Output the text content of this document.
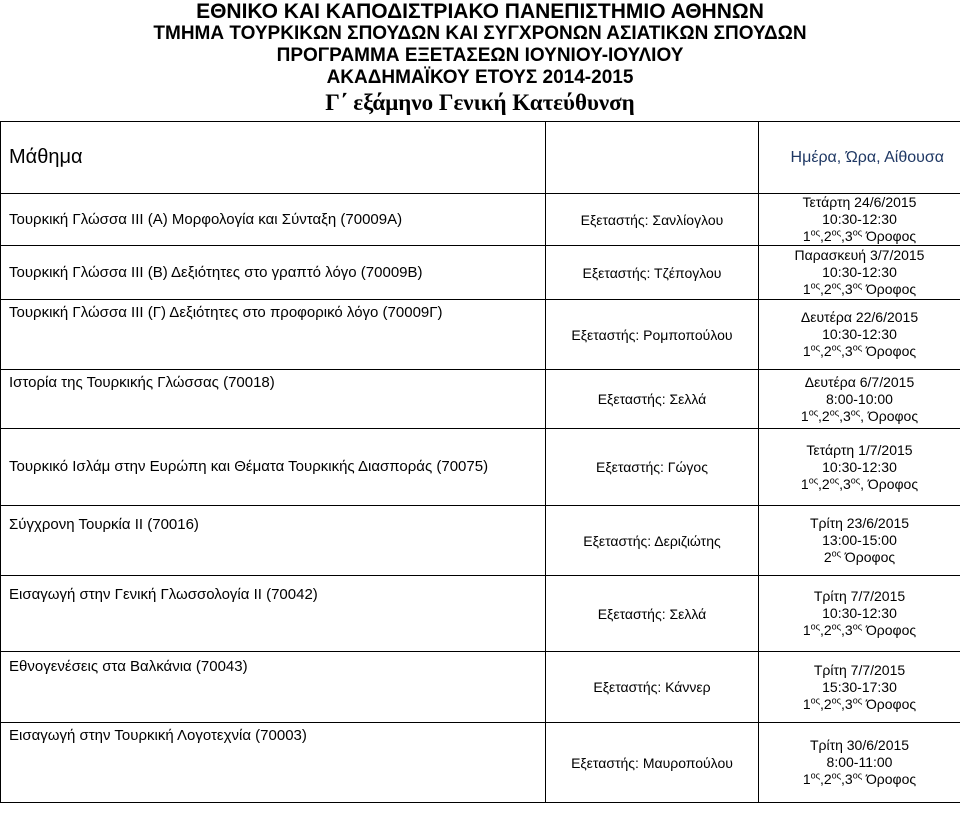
ΕΘΝΙΚΟ ΚΑΙ ΚΑΠΟΔΙΣΤΡΙΑΚΟ ΠΑΝΕΠΙΣΤΗΜΙΟ ΑΘΗΝΩΝ
ΤΜΗΜΑ ΤΟΥΡΚΙΚΩΝ ΣΠΟΥΔΩΝ ΚΑΙ ΣΥΓΧΡΟΝΩΝ ΑΣΙΑΤΙΚΩΝ ΣΠΟΥΔΩΝ
ΠΡΟΓΡΑΜΜΑ ΕΞΕΤΑΣΕΩΝ ΙΟΥΝΙΟΥ-ΙΟΥΛΙΟΥ
ΑΚΑΔΗΜΑΪΚΟΥ ΕΤΟΥΣ 2014-2015
Γ΄ εξάμηνο Γενική Κατεύθυνση
Μάθημα		Ημέρα, Ώρα, Αίθουσα
Τουρκική Γλώσσα ΙΙΙ (Α) Μορφολογία και Σύνταξη (70009Α)	Εξεταστής: Σανλίογλου	Τετάρτη 24/6/2015
10:30-12:30
$1^{o\varsigma},2^{o\varsigma},3^{o\varsigma}$ Όροφος

Τουρκική Γλώσσα ΙΙΙ (Β) Δεξιότητες στο γραπτό λόγο (70009Β)	Εξεταστής: Τζέπογλου	Παρασκευή 3/7/2015
10:30-12:30
$1^{o\varsigma},2^{o\varsigma},3^{o\varsigma}$ Όροφος

Τουρκική Γλώσσα ΙΙΙ (Γ) Δεξιότητες στο προφορικό λόγο (70009Γ)	Εξεταστής: Ρομποπούλου	Δευτέρα 22/6/2015
10:30-12:30
$1^{o\varsigma},2^{o\varsigma},3^{o\varsigma}$ Όροφος

Ιστορία της Τουρκικής Γλώσσας (70018)	Εξεταστής: Σελλά	Δευτέρα 6/7/2015
8:00-10:00
$1^{o\varsigma},2^{o\varsigma},3^{o\varsigma}$, Όροφος

Τουρκικό Ισλάμ στην Ευρώπη και Θέματα Τουρκικής Διασποράς (70075)	Εξεταστής: Γώγος	Τετάρτη 1/7/2015
10:30-12:30
$1^{o\varsigma},2^{o\varsigma},3^{o\varsigma}$, Όροφος

Σύγχρονη Τουρκία ΙΙ (70016)	Εξεταστής: Δεριζιώτης	Τρίτη 23/6/2015
13:00-15:00
$2^{o\varsigma}$ Όροφος

Εισαγωγή στην Γενική Γλωσσολογία ΙΙ (70042)	Εξεταστής: Σελλά	Τρίτη 7/7/2015
10:30-12:30
$1^{o\varsigma},2^{o\varsigma},3^{o\varsigma}$ Όροφος

Εθνογενέσεις στα Βαλκάνια (70043)	Εξεταστής: Κάννερ	Τρίτη 7/7/2015
15:30-17:30
$1^{o\varsigma},2^{o\varsigma},3^{o\varsigma}$ Όροφος

Εισαγωγή στην Τουρκική Λογοτεχνία (70003)	Εξεταστής: Μαυροπούλου	Τρίτη 30/6/2015
8:00-11:00
$1^{o\varsigma},2^{o\varsigma},3^{o\varsigma}$ Όροφος
